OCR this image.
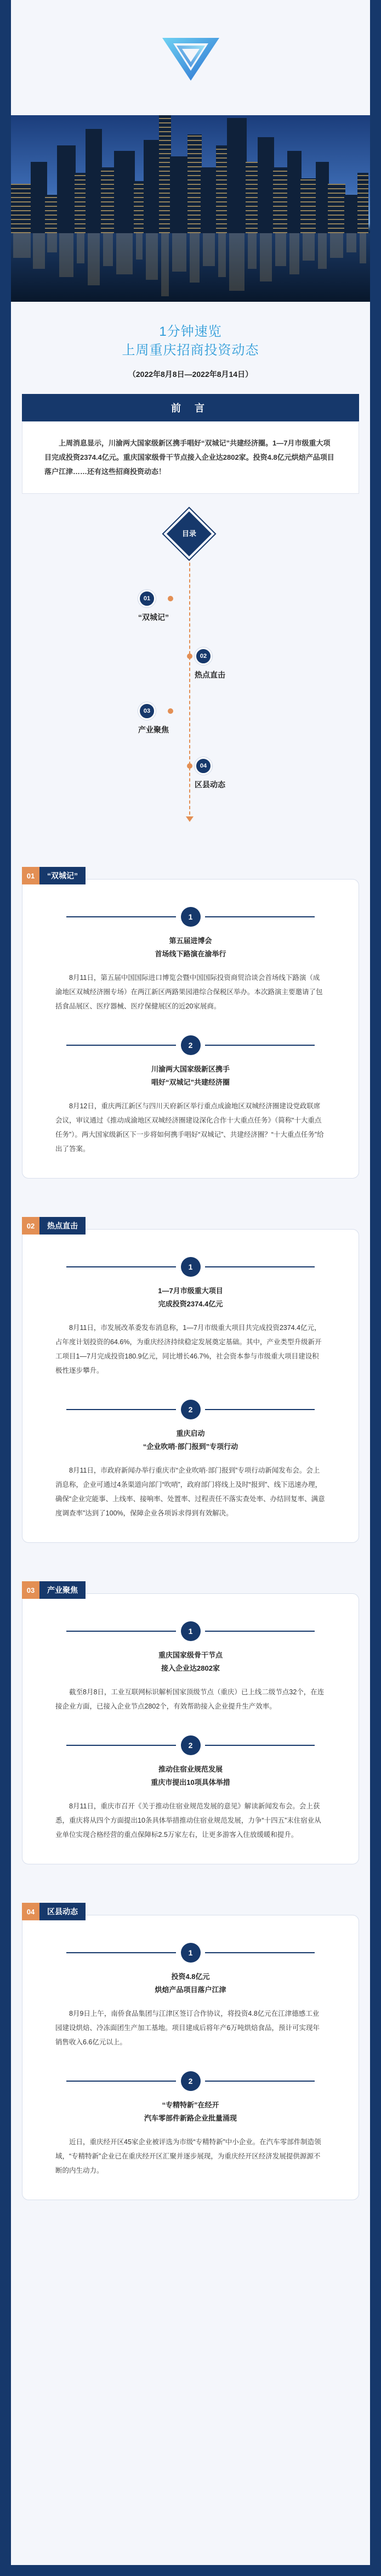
1分钟速览
上周重庆招商投资动态
（2022年8月8日—2022年8月14日）
前 言
上周消息显示，川渝两大国家级新区携手唱好“双城记”共建经济圈。1—7月市级重大项目完成投资2374.4亿元。重庆国家级骨干节点接入企业达2802家。投资4.8亿元烘焙产品项目落户江津……还有这些招商投资动态！
目录
01
“双城记”
02
热点直击
03
产业聚焦
04
区县动态
01	“双城记”
1
第五届进博会
首场线下路演在渝举行
8月11日，第五届中国国际进口博览会暨中国国际投资商贸洽谈会首场线下路演（成渝地区双城经济圈专场）在两江新区两路果园港综合保税区举办。本次路演主要邀请了包括食品展区、医疗器械、医疗保健展区的近20家展商。
2
川渝两大国家级新区携手
唱好“双城记”共建经济圈
8月12日，重庆两江新区与四川天府新区举行重点成渝地区双城经济圈建设党政联席会议，审议通过《推动成渝地区双城经济圈建设深化合作十大重点任务》（简称“十大重点任务”）。两大国家级新区下一步将如何携手唱好“双城记”、共建经济圈？“十大重点任务”给出了答案。
02	热点直击
1
1—7月市级重大项目
完成投资2374.4亿元
8月11日，市发展改革委发布消息称，1—7月市级重大项目共完成投资2374.4亿元，占年度计划投资的64.6%，为重庆经济持续稳定发展奠定基础。其中，产业类型升级新开工项目1—7月完成投资180.9亿元，同比增长46.7%，社会资本参与市级重大项目建设积极性逐步攀升。
2
重庆启动
“企业吹哨·部门报到”专项行动
8月11日，市政府新闻办举行重庆市“企业吹哨·部门报到”专项行动新闻发布会。会上消息称，企业可通过4条渠道向部门“吹哨”，政府部门将线上及时“报到”、线下迅速办理，确保“企业完能事、上线率、接响率、处置率、过程责任不落实查处率、办结回复率、满意度调查率”达到了100%，保障企业各项诉求得到有效解决。
03	产业聚焦
1
重庆国家级骨干节点
接入企业达2802家
截至8月8日，工业互联网标识解析国家顶级节点（重庆）已上线二级节点32个，在连接企业方面，已接入企业节点2802个，有效帮助接入企业提升生产效率。
2
推动住宿业规范发展
重庆市提出10项具体举措
8月11日，重庆市召开《关于推动住宿业规范发展的意见》解读新闻发布会。会上获悉，重庆将从四个方面提出10条具体举措推动住宿业规范发展，力争“十四五”末住宿业从业单位实现合格经营的重点保障标2.5万家左右，让更多游客入住放缓暖和提升。
04	区县动态
1
投资4.8亿元
烘焙产品项目落户江津
8月9日上午，南侨食品集团与江津区签订合作协议，将投资4.8亿元在江津德感工业园建设烘焙、冷冻面团生产加工基地。项目建成后将年产6万吨烘焙食品，预计可实现年销售收入6.6亿元以上。
2
“专精特新”在经开
汽车零部件新路企业批量涌现
近日，重庆经开区45家企业被评选为市级“专精特新”中小企业。在汽车零部件制造领域，“专精特新”企业已在重庆经开区汇聚并逐步展现，为重庆经开区经济发展提供源源不断的内生动力。
